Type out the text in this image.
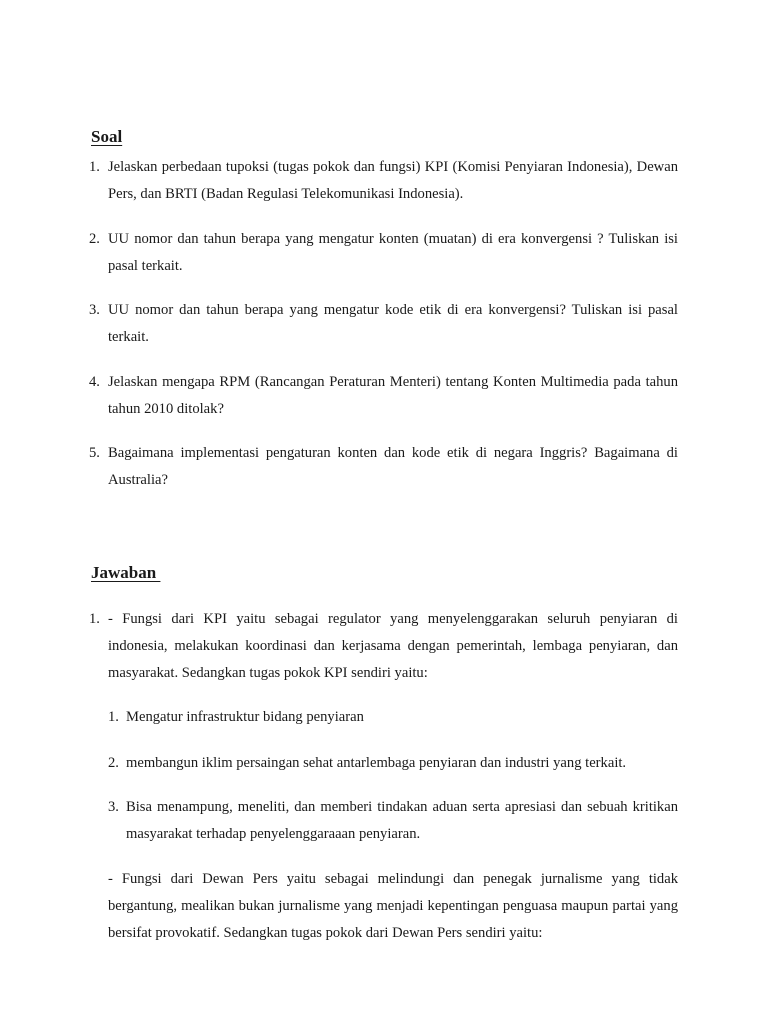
Soal
1. Jelaskan perbedaan tupoksi (tugas pokok dan fungsi) KPI (Komisi Penyiaran Indonesia), Dewan Pers, dan BRTI (Badan Regulasi Telekomunikasi Indonesia).
2. UU nomor dan tahun berapa yang mengatur konten (muatan) di era konvergensi ? Tuliskan isi pasal terkait.
3. UU nomor dan tahun berapa yang mengatur kode etik di era konvergensi? Tuliskan isi pasal terkait.
4. Jelaskan mengapa RPM (Rancangan Peraturan Menteri) tentang Konten Multimedia pada tahun tahun 2010 ditolak?
5. Bagaimana implementasi pengaturan konten dan kode etik di negara Inggris? Bagaimana di Australia?
Jawaban
1. - Fungsi dari KPI yaitu sebagai regulator yang menyelenggarakan seluruh penyiaran di indonesia, melakukan koordinasi dan kerjasama dengan pemerintah, lembaga penyiaran, dan masyarakat. Sedangkan tugas pokok KPI sendiri yaitu:
1. Mengatur infrastruktur bidang penyiaran
2. membangun iklim persaingan sehat antarlembaga penyiaran dan industri yang terkait.
3. Bisa menampung, meneliti, dan memberi tindakan aduan serta apresiasi dan sebuah kritikan masyarakat terhadap penyelenggaraaan penyiaran.
- Fungsi dari Dewan Pers yaitu sebagai melindungi dan penegak jurnalisme yang tidak bergantung, mealikan bukan jurnalisme yang menjadi kepentingan penguasa maupun partai yang bersifat provokatif. Sedangkan tugas pokok dari Dewan Pers sendiri yaitu:
